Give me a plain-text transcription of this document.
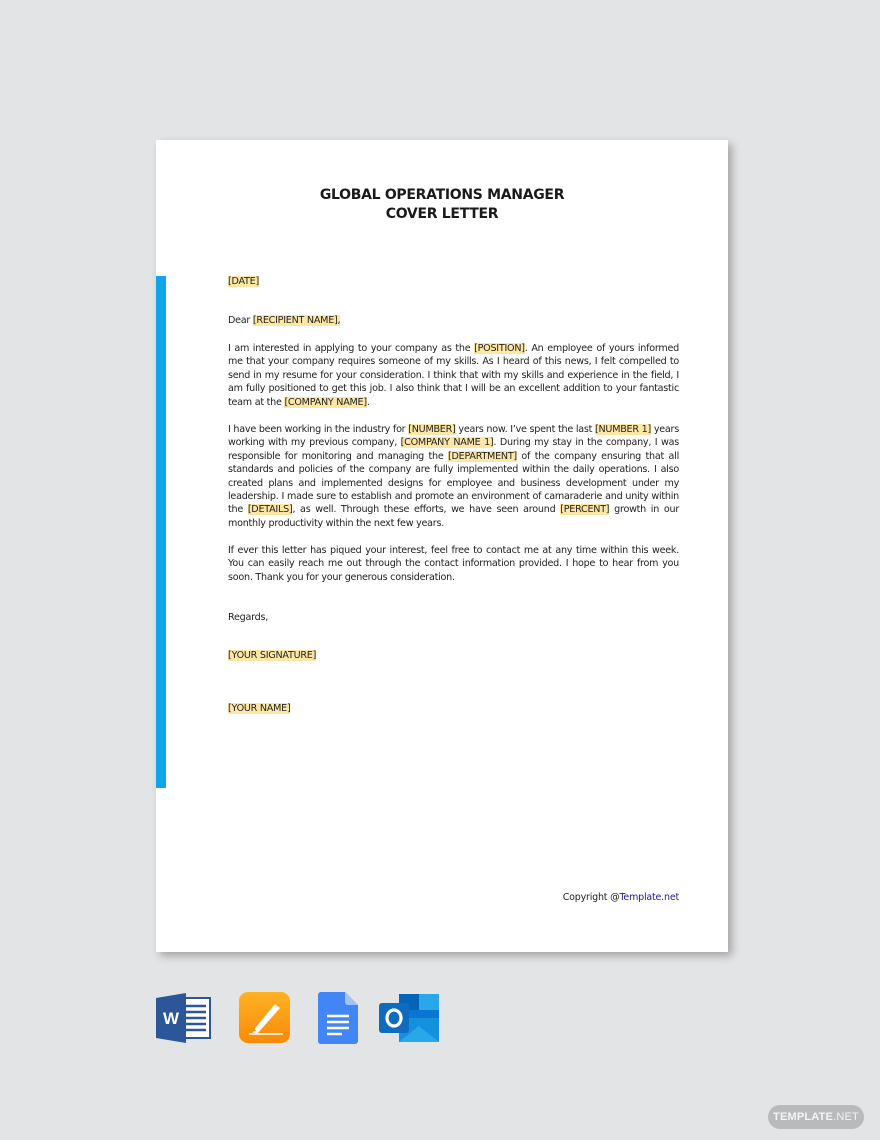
GLOBAL OPERATIONS MANAGER
COVER LETTER
[DATE]
Dear [RECIPIENT NAME],

I am interested in applying to your company as the [POSITION]. An employee of yours informed me that your company requires someone of my skills. As I heard of this news, I felt compelled to send in my resume for your consideration. I think that with my skills and experience in the field, I am fully positioned to get this job. I also think that I will be an excellent addition to your fantastic team at the [COMPANY NAME].

I have been working in the industry for [NUMBER] years now. I’ve spent the last [NUMBER 1] years working with my previous company, [COMPANY NAME 1]. During my stay in the company, I was responsible for monitoring and managing the [DEPARTMENT] of the company ensuring that all standards and policies of the company are fully implemented within the daily operations. I also created plans and implemented designs for employee and business development under my leadership. I made sure to establish and promote an environment of camaraderie and unity within the [DETAILS], as well. Through these efforts, we have seen around [PERCENT] growth in our monthly productivity within the next few years.

If ever this letter has piqued your interest, feel free to contact me at any time within this week. You can easily reach me out through the contact information provided. I hope to hear from you soon. Thank you for your generous consideration.

Regards,
[YOUR SIGNATURE]
[YOUR NAME]
Copyright @Template.net
W
TEMPLATE.NET
